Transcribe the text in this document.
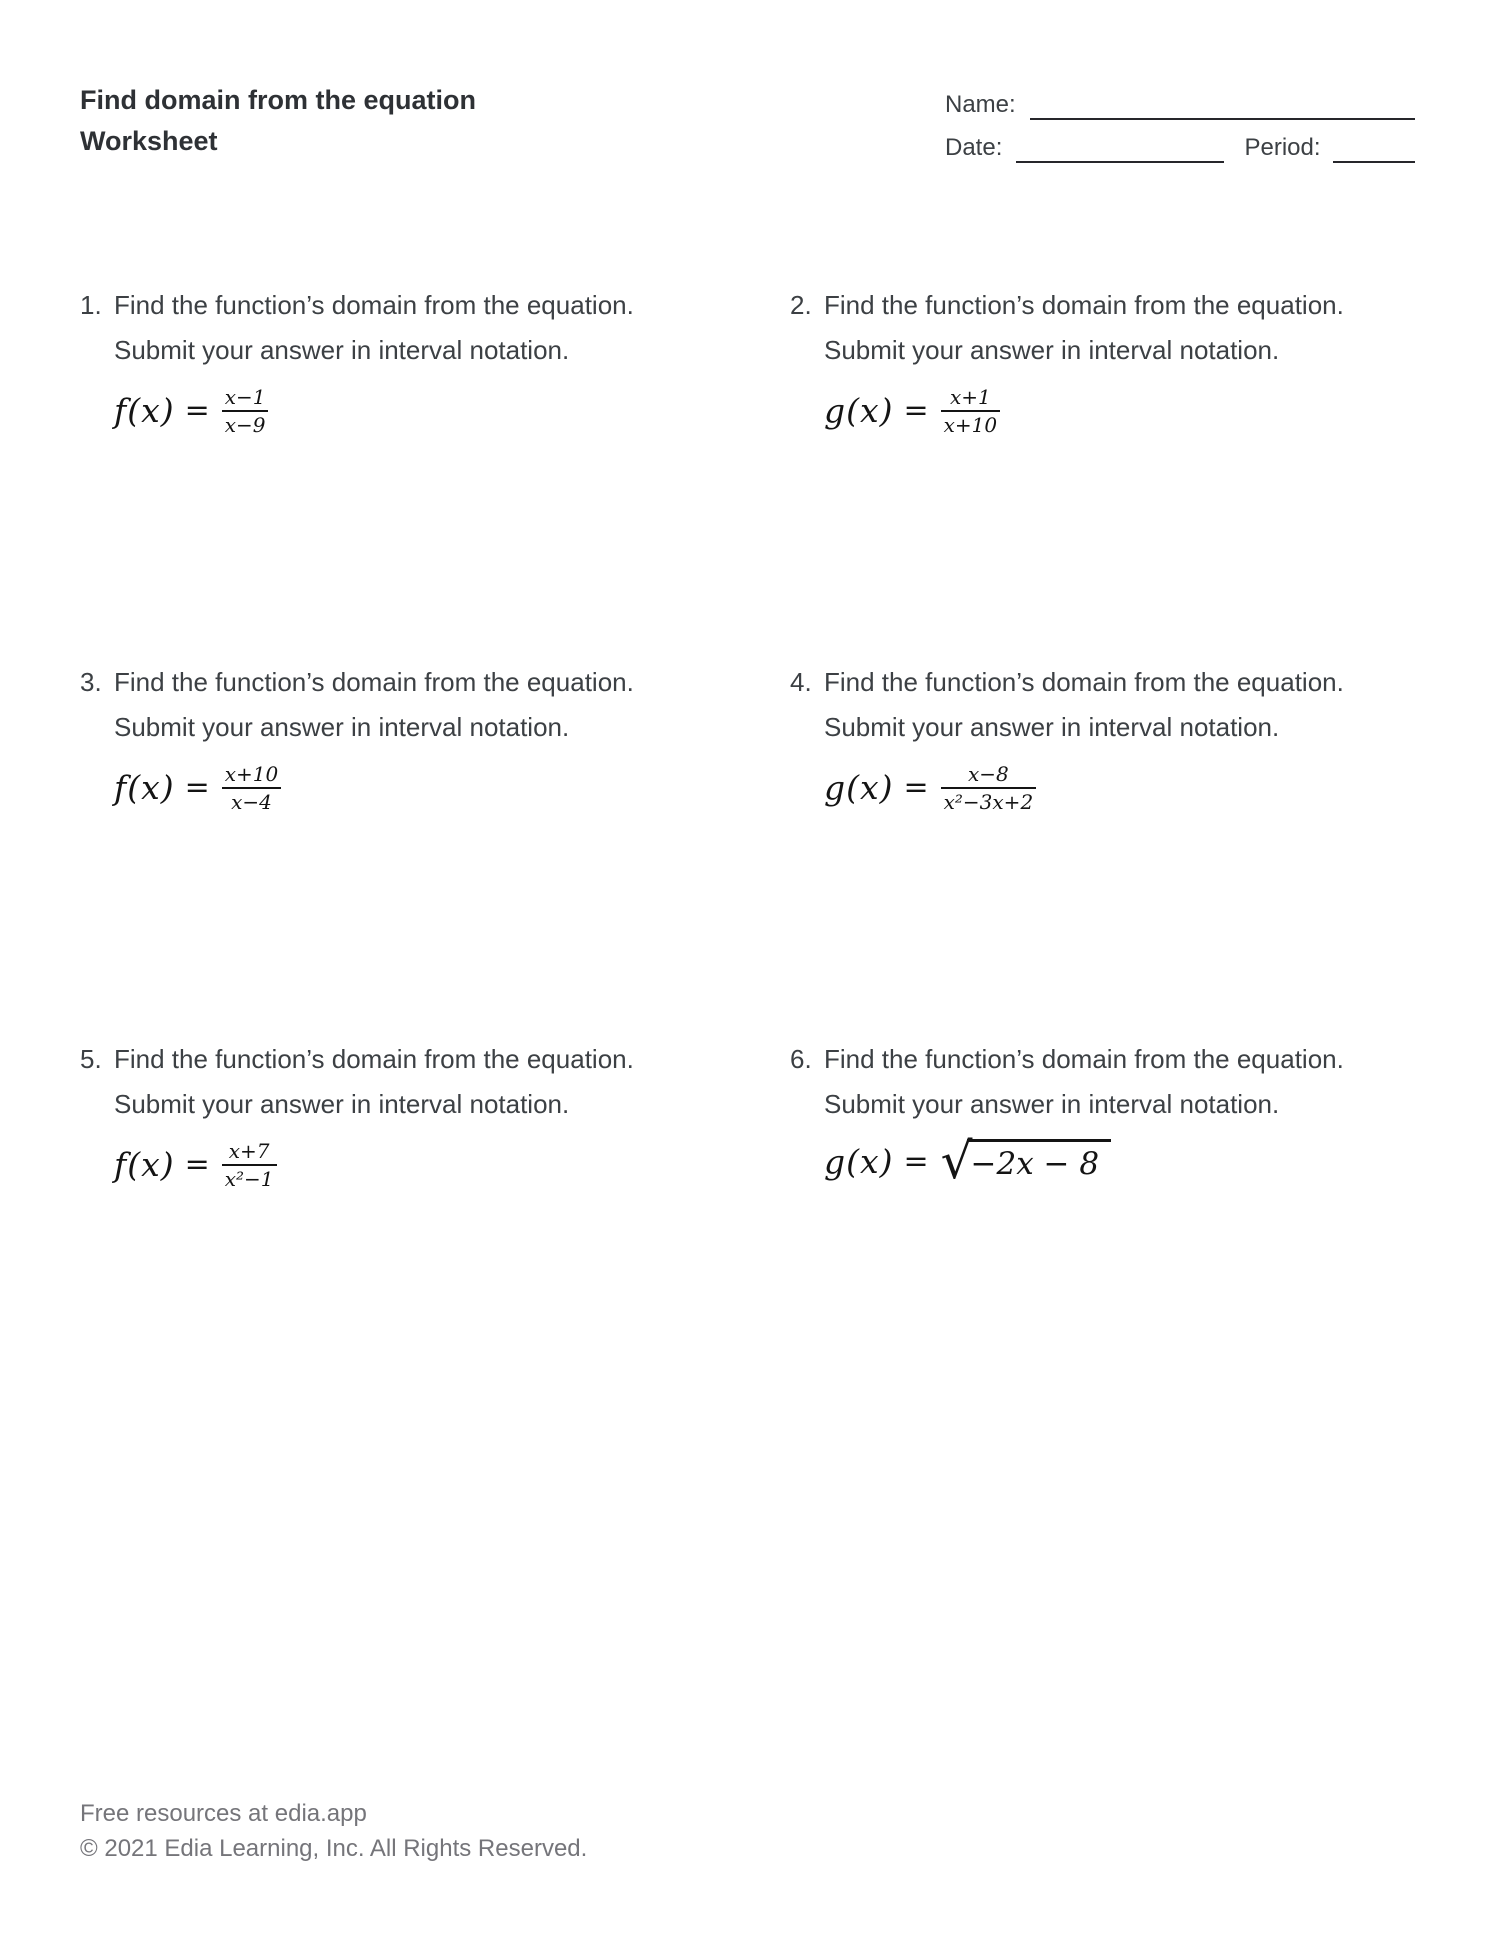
Find domain from the equation
Worksheet
Name:
Date:	Period:
1. Find the function’s domain from the equation.
Submit your answer in interval notation.
$f(x) = \frac{x-1}{x-9}$
2. Find the function’s domain from the equation.
Submit your answer in interval notation.
$g(x) = \frac{x+1}{x+10}$
3. Find the function’s domain from the equation.
Submit your answer in interval notation.
$f(x) = \frac{x+10}{x-4}$
4. Find the function’s domain from the equation.
Submit your answer in interval notation.
$g(x) = \frac{x-8}{\text{x²−3x+2}}$
5. Find the function’s domain from the equation.
Submit your answer in interval notation.
$f(x) = \frac{x+7}{\text{x²−1}}$
6. Find the function’s domain from the equation.
Submit your answer in interval notation.
g(x) = √
−2x − 8
Free resources at edia.app
© 2021 Edia Learning, Inc. All Rights Reserved.
